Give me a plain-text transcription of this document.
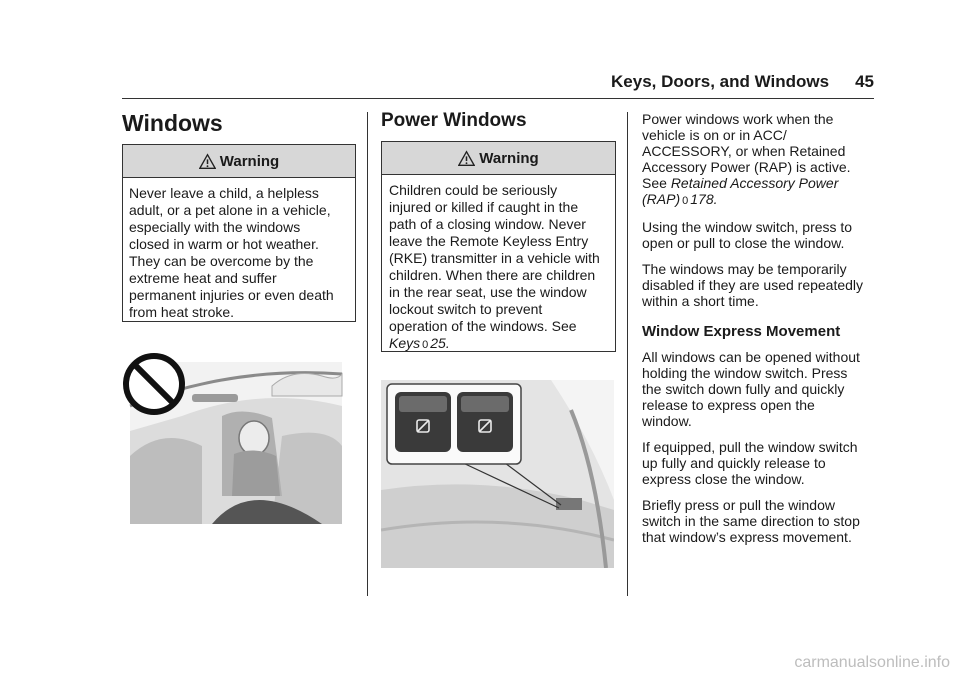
Keys, Doors, and Windows 45
Windows
Warning
Never leave a child, a helpless
adult, or a pet alone in a vehicle,
especially with the windows
closed in warm or hot weather.
They can be overcome by the
extreme heat and suffer
permanent injuries or even death
from heat stroke.
Power Windows
Warning
Children could be seriously
injured or killed if caught in the
path of a closing window. Never
leave the Remote Keyless Entry
(RKE) transmitter in a vehicle with
children. When there are children
in the rear seat, use the window
lockout switch to prevent
operation of the windows. See
Keys 0 25.

Power windows work when the
vehicle is on or in ACC/
ACCESSORY, or when Retained
Accessory Power (RAP) is active.
See Retained Accessory Power
(RAP) 0 178.

Using the window switch, press to
open or pull to close the window.

The windows may be temporarily
disabled if they are used repeatedly
within a short time.

Window Express Movement

All windows can be opened without
holding the window switch. Press
the switch down fully and quickly
release to express open the
window.

If equipped, pull the window switch
up fully and quickly release to
express close the window.

Briefly press or pull the window
switch in the same direction to stop
that window’s express movement.

carmanualsonline.info
